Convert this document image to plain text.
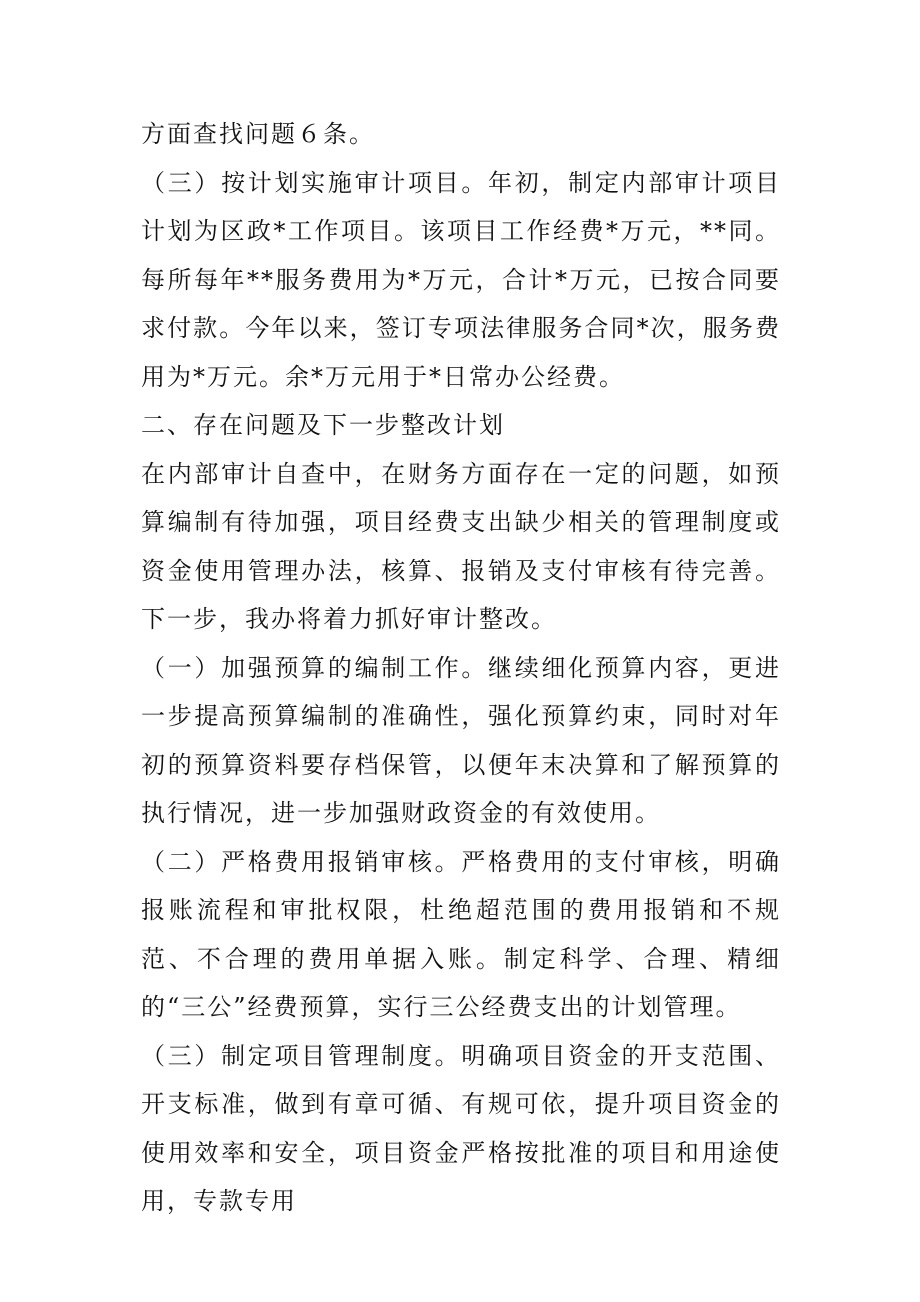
方面查找问题６条。

（三）按计划实施审计项目。年初，制定内部审计项目计划为区政*工作项目。该项目工作经费*万元，**同。每所每年**服务费用为*万元，合计*万元，已按合同要求付款。今年以来，签订专项法律服务合同*次，服务费用为*万元。余*万元用于*日常办公经费。

二、存在问题及下一步整改计划

在内部审计自查中，在财务方面存在一定的问题，如预算编制有待加强，项目经费支出缺少相关的管理制度或资金使用管理办法，核算、报销及支付审核有待完善。下一步，我办将着力抓好审计整改。

（一）加强预算的编制工作。继续细化预算内容，更进一步提高预算编制的准确性，强化预算约束，同时对年初的预算资料要存档保管，以便年末决算和了解预算的执行情况，进一步加强财政资金的有效使用。

（二）严格费用报销审核。严格费用的支付审核，明确报账流程和审批权限，杜绝超范围的费用报销和不规范、不合理的费用单据入账。制定科学、合理、精细的“三公”经费预算，实行三公经费支出的计划管理。

（三）制定项目管理制度。明确项目资金的开支范围、开支标准，做到有章可循、有规可依，提升项目资金的使用效率和安全，项目资金严格按批准的项目和用途使用，专款专用
